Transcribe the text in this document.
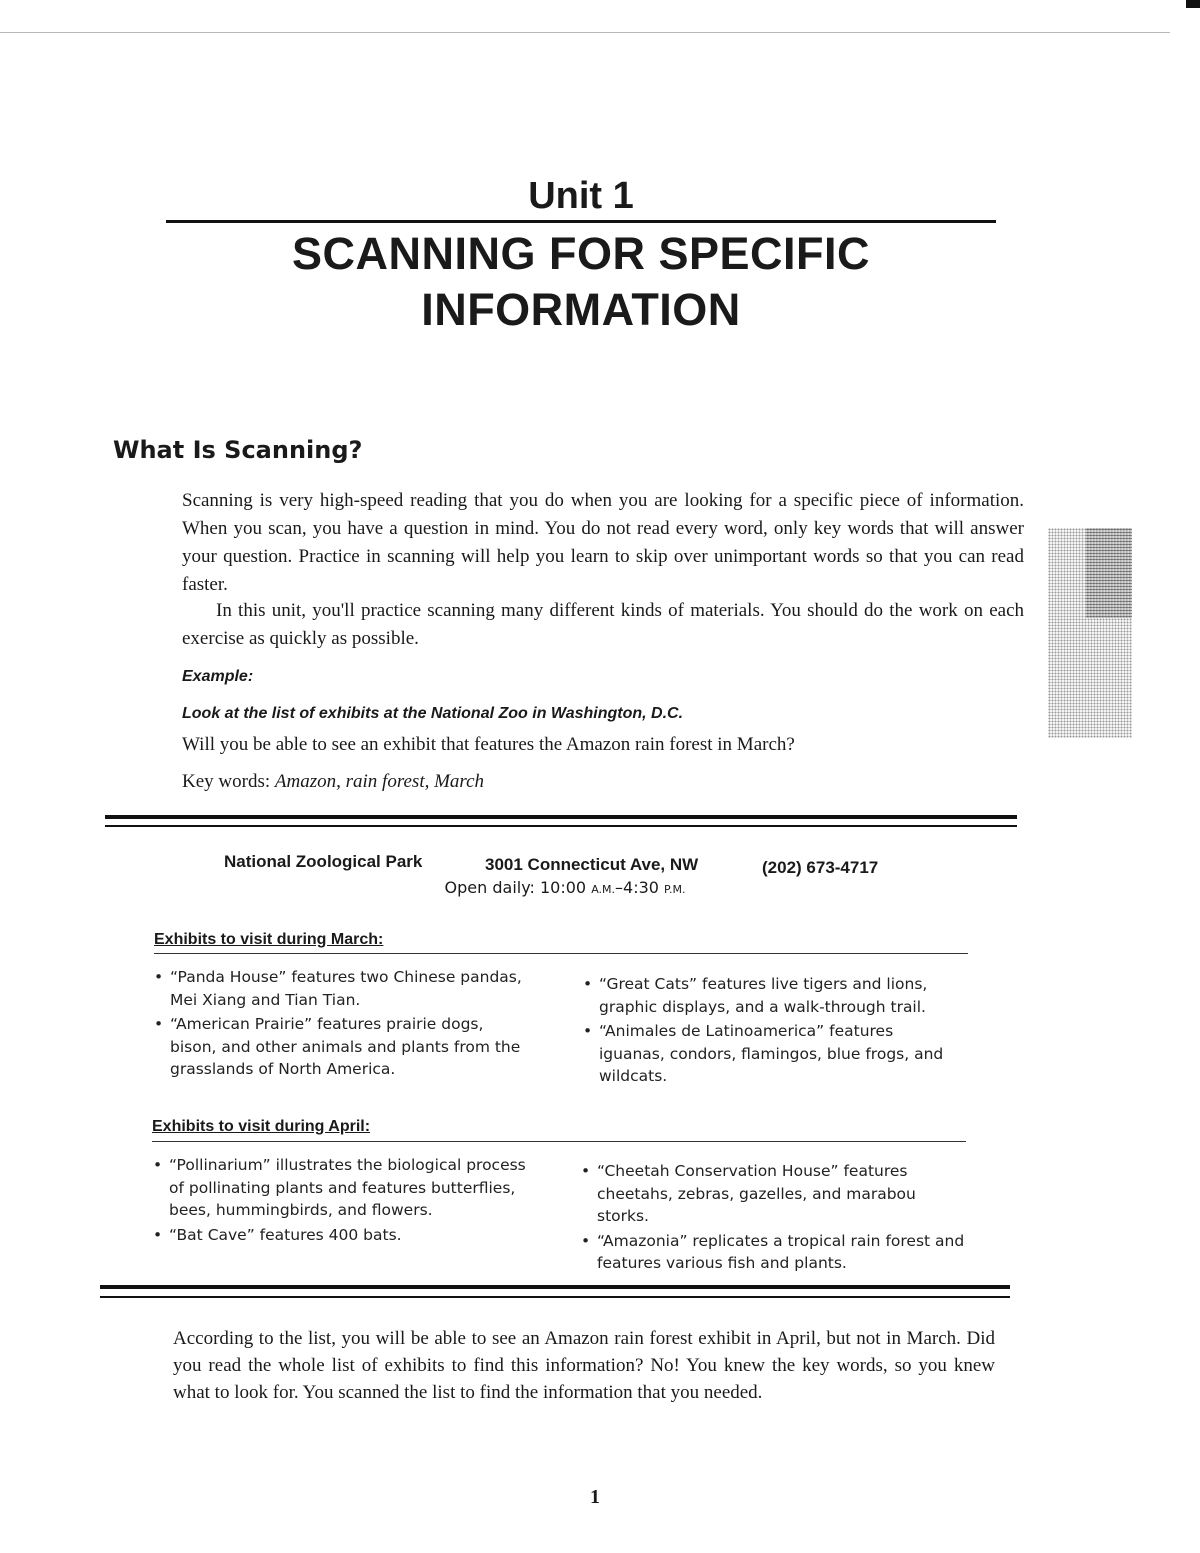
Unit 1
SCANNING FOR SPECIFIC
INFORMATION
What Is Scanning?
Scanning is very high-speed reading that you do when you are looking for a specific piece of information. When you scan, you have a question in mind. You do not read every word, only key words that will answer your question. Practice in scanning will help you learn to skip over unimportant words so that you can read faster.
In this unit, you'll practice scanning many different kinds of materials. You should do the work on each exercise as quickly as possible.
Example:
Look at the list of exhibits at the National Zoo in Washington, D.C.
Will you be able to see an exhibit that features the Amazon rain forest in March?
Key words: Amazon, rain forest, March
National Zoological Park	3001 Connecticut Ave, NW	(202) 673-4717
Open daily: 10:00 A.M.–4:30 P.M.
Exhibits to visit during March:
• “Panda House” features two Chinese pandas, Mei Xiang and Tian Tian.
• “American Prairie” features prairie dogs, bison, and other animals and plants from the grasslands of North America.
• “Great Cats” features live tigers and lions, graphic displays, and a walk-through trail.
• “Animales de Latinoamerica” features iguanas, condors, flamingos, blue frogs, and wildcats.
Exhibits to visit during April:
• “Pollinarium” illustrates the biological process of pollinating plants and features butterflies, bees, hummingbirds, and flowers.
• “Bat Cave” features 400 bats.
• “Cheetah Conservation House” features cheetahs, zebras, gazelles, and marabou storks.
• “Amazonia” replicates a tropical rain forest and features various fish and plants.
According to the list, you will be able to see an Amazon rain forest exhibit in April, but not in March. Did you read the whole list of exhibits to find this information? No! You knew the key words, so you knew what to look for. You scanned the list to find the information that you needed.
1
